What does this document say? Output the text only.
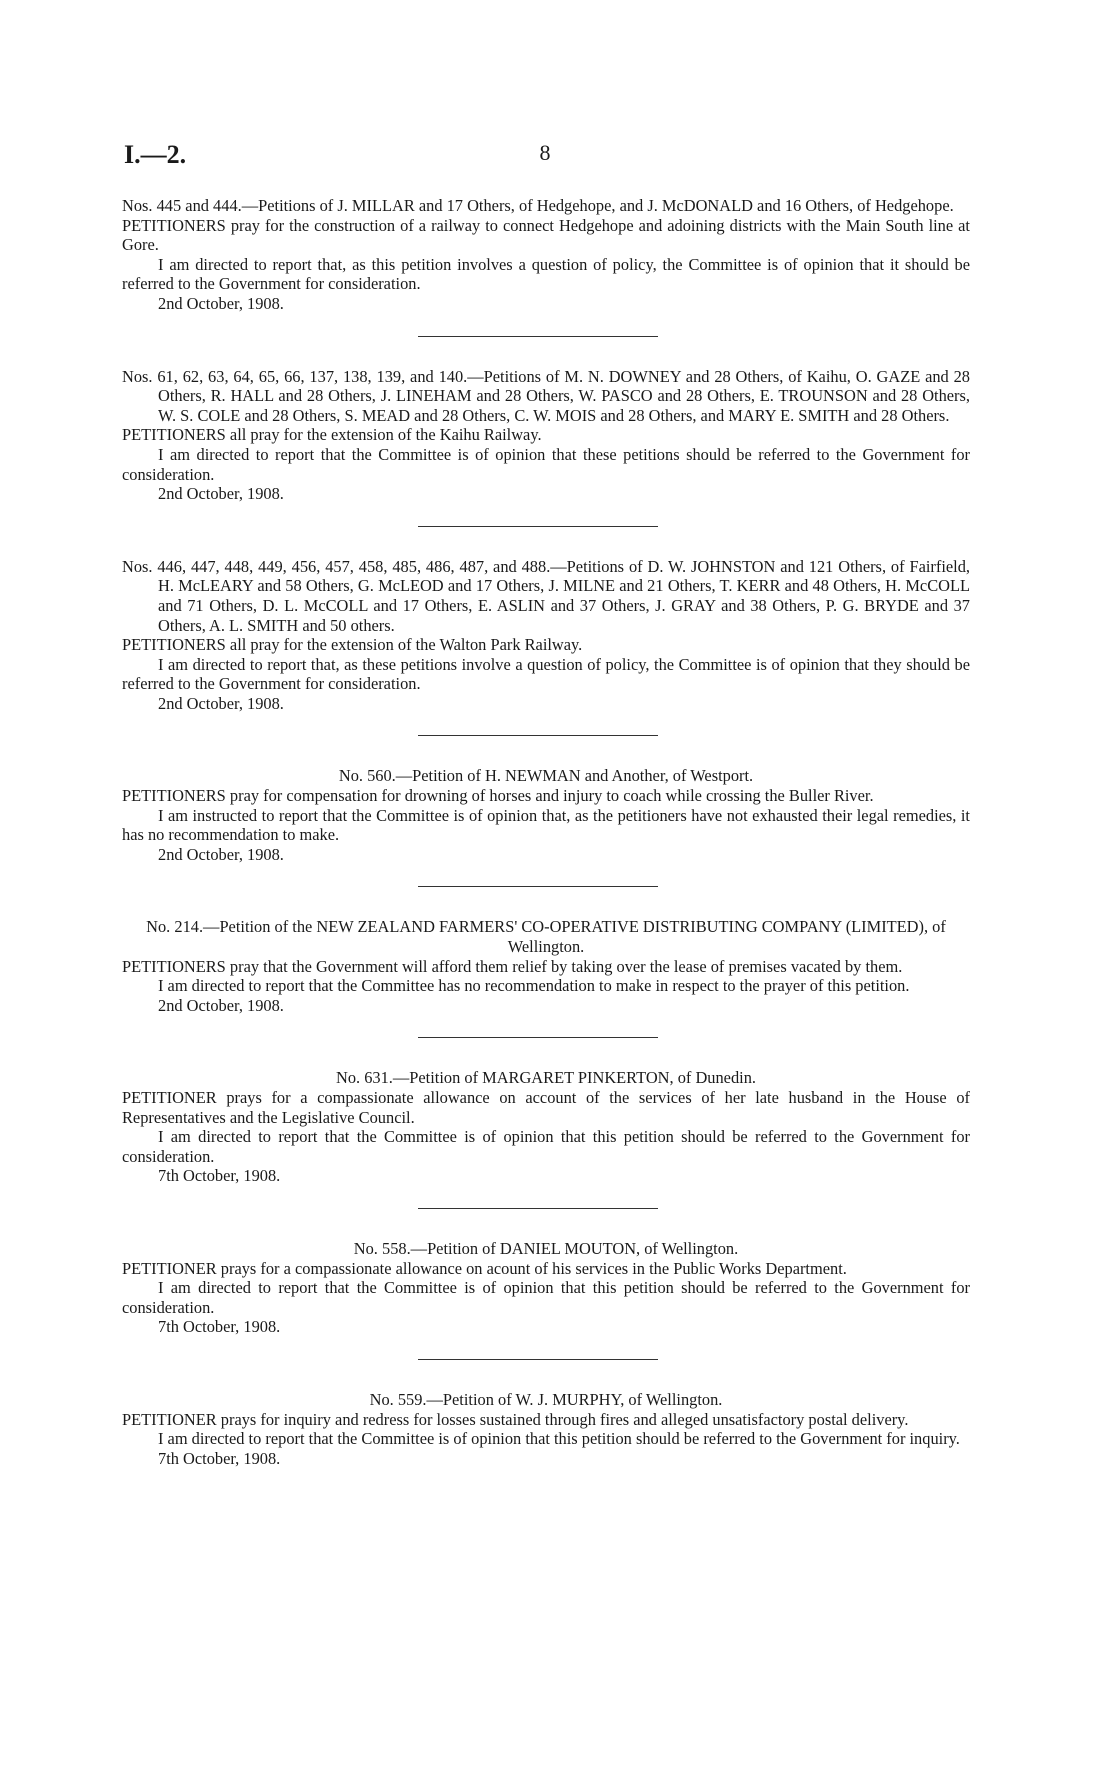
I.—2.	8

Nos. 445 and 444.—Petitions of J. MILLAR and 17 Others, of Hedgehope, and J. McDONALD and 16 Others, of Hedgehope.

PETITIONERS pray for the construction of a railway to connect Hedgehope and adoining districts with the Main South line at Gore.

I am directed to report that, as this petition involves a question of policy, the Committee is of opinion that it should be referred to the Government for consideration.

2nd October, 1908.

Nos. 61, 62, 63, 64, 65, 66, 137, 138, 139, and 140.—Petitions of M. N. DOWNEY and 28 Others, of Kaihu, O. GAZE and 28 Others, R. HALL and 28 Others, J. LINEHAM and 28 Others, W. PASCO and 28 Others, E. TROUNSON and 28 Others, W. S. COLE and 28 Others, S. MEAD and 28 Others, C. W. MOIS and 28 Others, and MARY E. SMITH and 28 Others.

PETITIONERS all pray for the extension of the Kaihu Railway.

I am directed to report that the Committee is of opinion that these petitions should be referred to the Government for consideration.

2nd October, 1908.

Nos. 446, 447, 448, 449, 456, 457, 458, 485, 486, 487, and 488.—Petitions of D. W. JOHNSTON and 121 Others, of Fairfield, H. McLEARY and 58 Others, G. McLEOD and 17 Others, J. MILNE and 21 Others, T. KERR and 48 Others, H. McCOLL and 71 Others, D. L. McCOLL and 17 Others, E. ASLIN and 37 Others, J. GRAY and 38 Others, P. G. BRYDE and 37 Others, A. L. SMITH and 50 others.

PETITIONERS all pray for the extension of the Walton Park Railway.

I am directed to report that, as these petitions involve a question of policy, the Committee is of opinion that they should be referred to the Government for consideration.

2nd October, 1908.

No. 560.—Petition of H. NEWMAN and Another, of Westport.

PETITIONERS pray for compensation for drowning of horses and injury to coach while crossing the Buller River.

I am instructed to report that the Committee is of opinion that, as the petitioners have not exhausted their legal remedies, it has no recommendation to make.

2nd October, 1908.

No. 214.—Petition of the NEW ZEALAND FARMERS' CO-OPERATIVE DISTRIBUTING COMPANY (LIMITED), of Wellington.

PETITIONERS pray that the Government will afford them relief by taking over the lease of premises vacated by them.

I am directed to report that the Committee has no recommendation to make in respect to the prayer of this petition.

2nd October, 1908.

No. 631.—Petition of MARGARET PINKERTON, of Dunedin.

PETITIONER prays for a compassionate allowance on account of the services of her late husband in the House of Representatives and the Legislative Council.

I am directed to report that the Committee is of opinion that this petition should be referred to the Government for consideration.

7th October, 1908.

No. 558.—Petition of DANIEL MOUTON, of Wellington.

PETITIONER prays for a compassionate allowance on acount of his services in the Public Works Department.

I am directed to report that the Committee is of opinion that this petition should be referred to the Government for consideration.

7th October, 1908.

No. 559.—Petition of W. J. MURPHY, of Wellington.

PETITIONER prays for inquiry and redress for losses sustained through fires and alleged unsatisfactory postal delivery.

I am directed to report that the Committee is of opinion that this petition should be referred to the Government for inquiry.

7th October, 1908.
